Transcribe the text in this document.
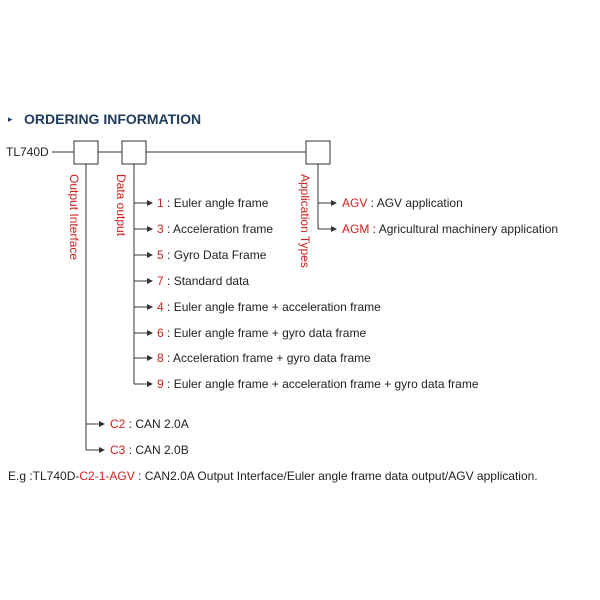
▸ ORDERING INFORMATION
TL740D
Output Interface	Data output	Application Types
1 : Euler angle frame
3 : Acceleration frame
5 : Gyro Data Frame
7 : Standard data
4 : Euler angle frame + acceleration frame
6 : Euler angle frame + gyro data frame
8 : Acceleration frame + gyro data frame
9 : Euler angle frame + acceleration frame + gyro data frame
AGV : AGV application
AGM : Agricultural machinery application
C2 : CAN 2.0A
C3 : CAN 2.0B
E.g :TL740D-C2-1-AGV : CAN2.0A Output Interface/Euler angle frame data output/AGV application.
